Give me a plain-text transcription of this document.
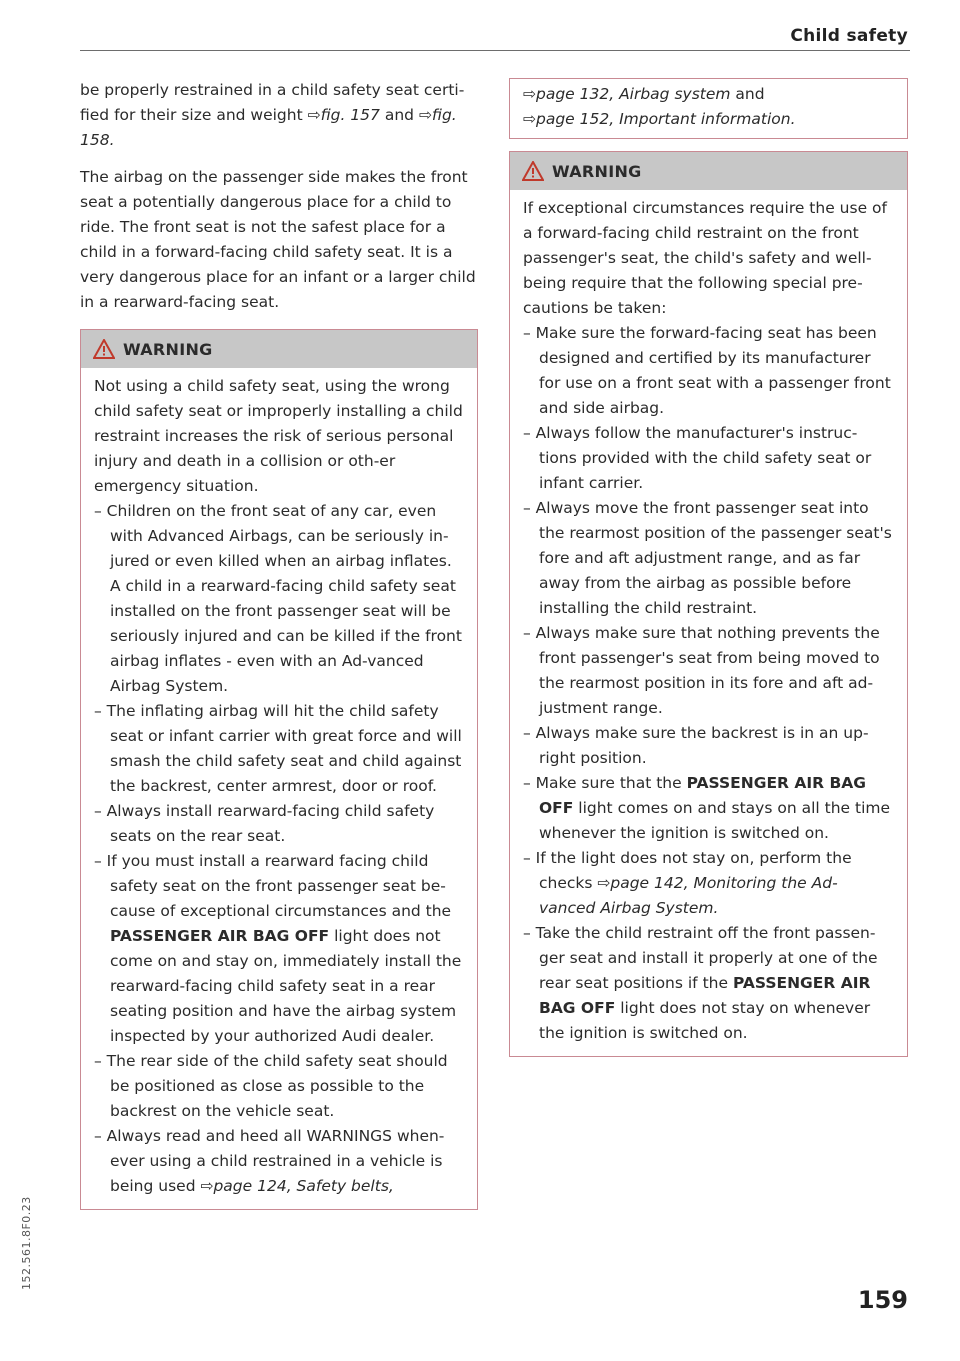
Child safety

be properly restrained in a child safety seat certi-fied for their size and weight ⇨fig. 157 and ⇨fig. 158.

The airbag on the passenger side makes the front seat a potentially dangerous place for a child to ride. The front seat is not the safest place for a child in a forward-facing child safety seat. It is a very dangerous place for an infant or a larger child in a rearward-facing seat.

WARNING

Not using a child safety seat, using the wrong child safety seat or improperly installing a child restraint increases the risk of serious personal injury and death in a collision or oth-er emergency situation.

– Children on the front seat of any car, even with Advanced Airbags, can be seriously in-jured or even killed when an airbag inflates. A child in a rearward-facing child safety seat installed on the front passenger seat will be seriously injured and can be killed if the front airbag inflates - even with an Ad-vanced Airbag System.
– The inflating airbag will hit the child safety seat or infant carrier with great force and will smash the child safety seat and child against the backrest, center armrest, door or roof.
– Always install rearward-facing child safety seats on the rear seat.
– If you must install a rearward facing child safety seat on the front passenger seat be-cause of exceptional circumstances and the PASSENGER AIR BAG OFF light does not come on and stay on, immediately install the rearward-facing child safety seat in a rear seating position and have the airbag system inspected by your authorized Audi dealer.
– The rear side of the child safety seat should be positioned as close as possible to the backrest on the vehicle seat.
– Always read and heed all WARNINGS when-ever using a child restrained in a vehicle is being used ⇨page 124, Safety belts,
⇨page 132, Airbag system and
⇨page 152, Important information.
WARNING

If exceptional circumstances require the use of a forward-facing child restraint on the front passenger's seat, the child's safety and well-being require that the following special pre-cautions be taken:

– Make sure the forward-facing seat has been designed and certified by its manufacturer for use on a front seat with a passenger front and side airbag.
– Always follow the manufacturer's instruc-tions provided with the child safety seat or infant carrier.
– Always move the front passenger seat into the rearmost position of the passenger seat's fore and aft adjustment range, and as far away from the airbag as possible before installing the child restraint.
– Always make sure that nothing prevents the front passenger's seat from being moved to the rearmost position in its fore and aft ad-justment range.
– Always make sure the backrest is in an up-right position.
– Make sure that the PASSENGER AIR BAG OFF light comes on and stays on all the time whenever the ignition is switched on.
– If the light does not stay on, perform the checks ⇨page 142, Monitoring the Ad-vanced Airbag System.
– Take the child restraint off the front passen-ger seat and install it properly at one of the rear seat positions if the PASSENGER AIR BAG OFF light does not stay on whenever the ignition is switched on.
152.561.8F0.23
159
